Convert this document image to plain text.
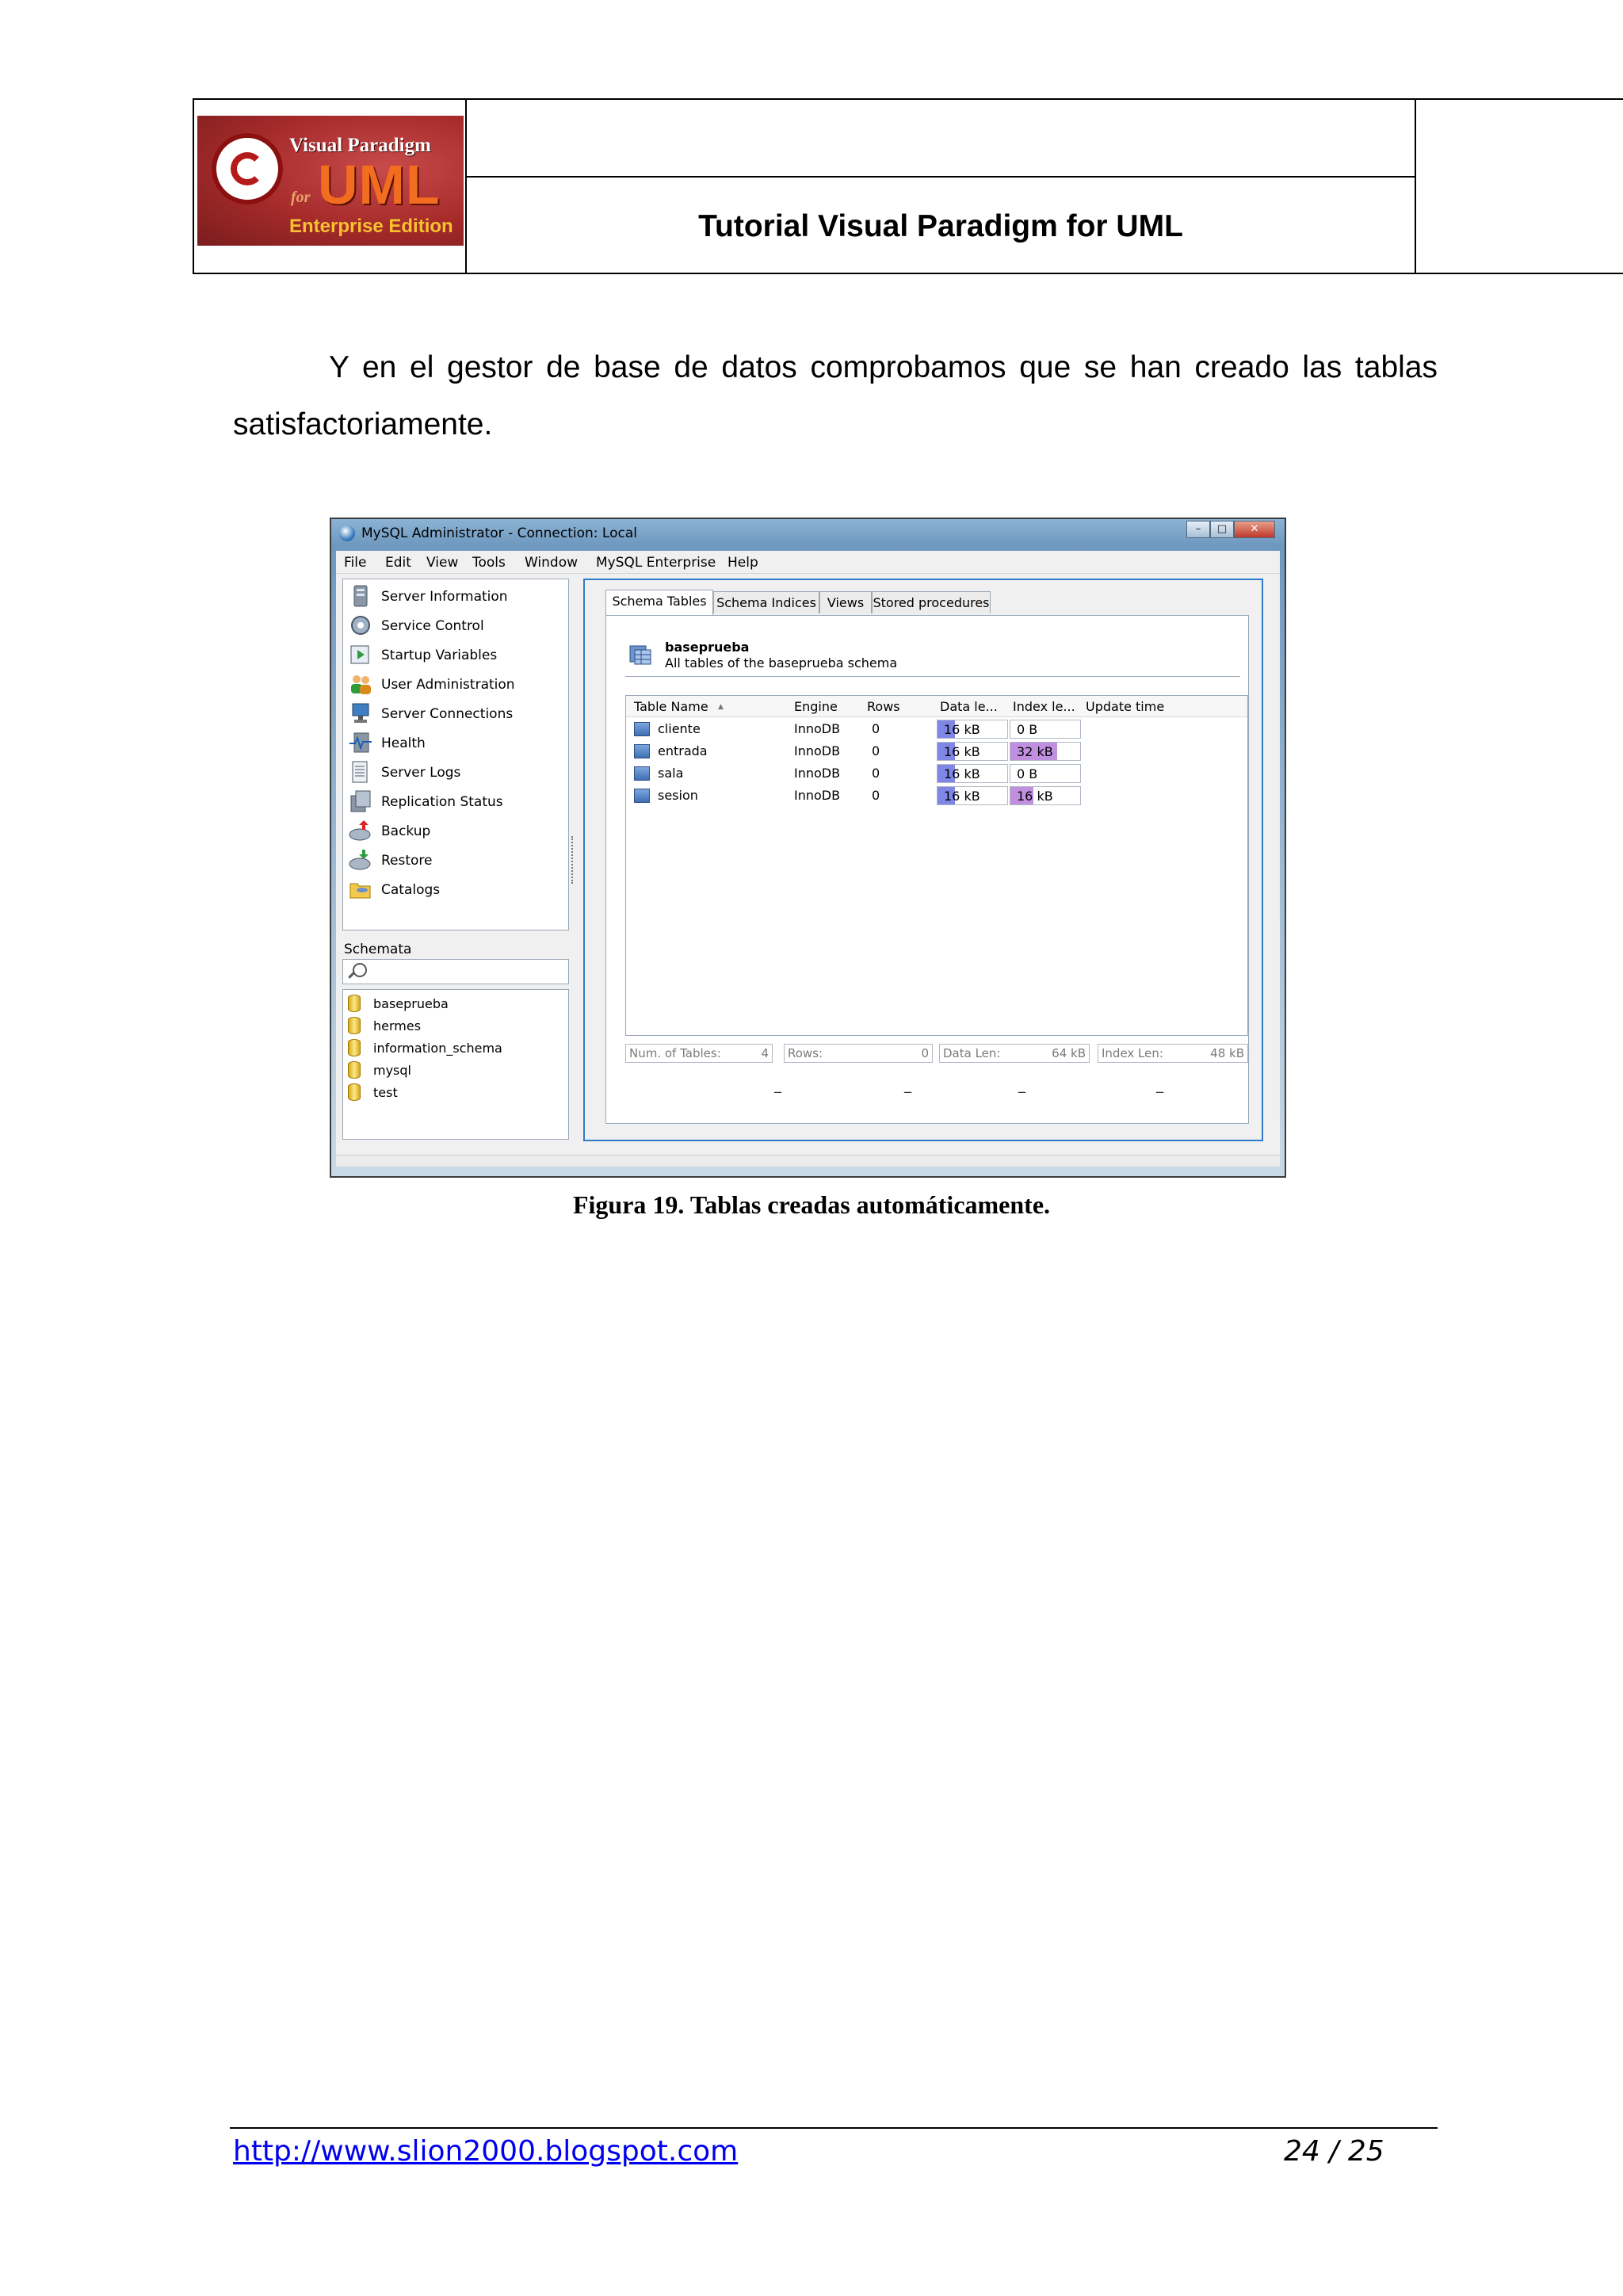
Visual Paradigm
for UML
Enterprise Edition	Tutorial Visual Paradigm for UML
Y en el gestor de base de datos comprobamos que se han creado las tablas satisfactoriamente.
MySQL Administrator - Connection: Local	–	□	✕
File Edit View Tools Window MySQL Enterprise Help
Server Information
Service Control
Startup Variables
User Administration
Server Connections
Health
Server Logs
Replication Status
Backup
Restore
Catalogs
Schemata
baseprueba
hermes
information_schema
mysql
test
Schema Tables Schema Indices Views Stored procedures
baseprueba
All tables of the baseprueba schema
Table Name ▲	Engine Rows	Data le... Index le... Update time
cliente	InnoDB 0	16 kB	0 B
entrada	InnoDB 0	16 kB	32 kB
sala	InnoDB 0	16 kB	0 B
sesion	InnoDB 0	16 kB	16 kB
Num. of Tables:	4 Rows:	0 Data Len:	64 kB Index Len:	48 kB
_	_	_	_
Figura 19. Tablas creadas automáticamente.
http://www.slion2000.blogspot.com	24 / 25
